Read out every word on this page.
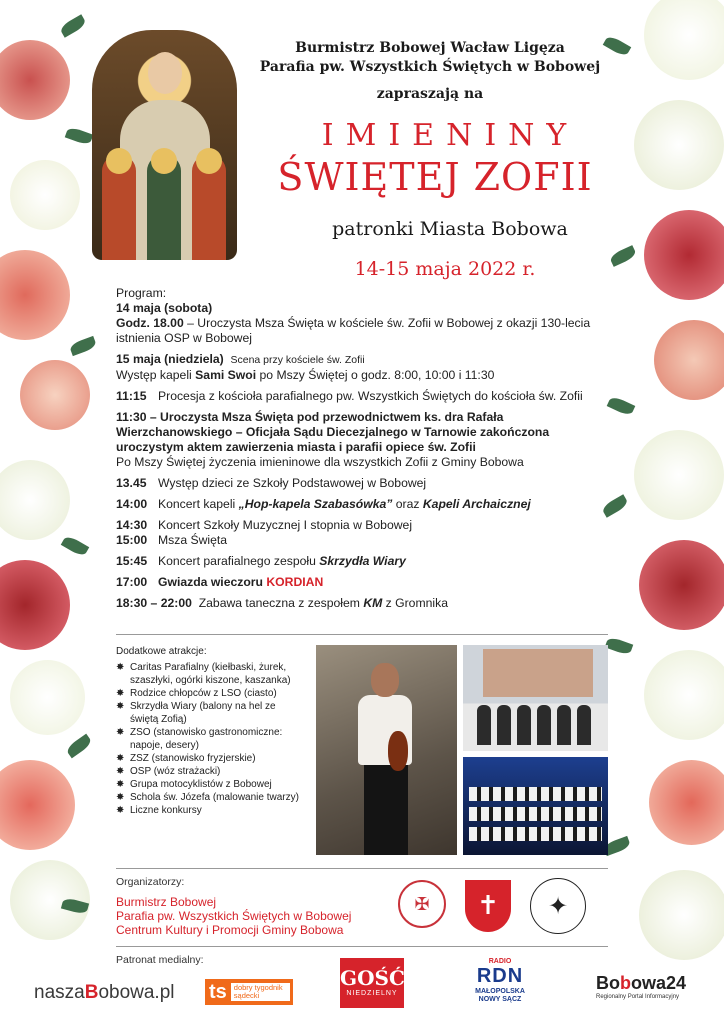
Burmistrz Bobowej Wacław Ligęza
Parafia pw. Wszystkich Świętych w Bobowej
zapraszają na
IMIENINY
ŚWIĘTEJ ZOFII
patronki Miasta Bobowa
14-15 maja 2022 r.
Program:
14 maja (sobota)
Godz. 18.00 – Uroczysta Msza Święta w kościele św. Zofii w Bobowej z okazji 130-lecia istnienia OSP w Bobowej
15 maja (niedziela) Scena przy kościele św. Zofii
Występ kapeli Sami Swoi po Mszy Świętej o godz. 8:00, 10:00 i 11:30
11:15 Procesja z kościoła parafialnego pw. Wszystkich Świętych do kościoła św. Zofii
11:30 – Uroczysta Msza Święta pod przewodnictwem ks. dra Rafała Wierzchanowskiego – Oficjała Sądu Diecezjalnego w Tarnowie zakończona uroczystym aktem zawierzenia miasta i parafii opiece św. Zofii
Po Mszy Świętej życzenia imieninowe dla wszystkich Zofii z Gminy Bobowa
13.45 Występ dzieci ze Szkoły Podstawowej w Bobowej
14:00 Koncert kapeli „Hop-kapela Szabasówka” oraz Kapeli Archaicznej
14:30 Koncert Szkoły Muzycznej I stopnia w Bobowej
15:00 Msza Święta
15:45 Koncert parafialnego zespołu Skrzydła Wiary
17:00 Gwiazda wieczoru KORDIAN
18:30 – 22:00 Zabawa taneczna z zespołem KM z Gromnika
Dodatkowe atrakcje:
✸ Caritas Parafialny (kiełbaski, żurek, szaszłyki, ogórki kiszone, kaszanka)
✸ Rodzice chłopców z LSO (ciasto)
✸ Skrzydła Wiary (balony na hel ze świętą Zofią)
✸ ZSO (stanowisko gastronomiczne: napoje, desery)
✸ ZSZ (stanowisko fryzjerskie)
✸ OSP (wóz strażacki)
✸ Grupa motocyklistów z Bobowej
✸ Schola św. Józefa (malowanie twarzy)
✸ Liczne konkursy
Organizatorzy:
Burmistrz Bobowej
Parafia pw. Wszystkich Świętych w Bobowej
Centrum Kultury i Promocji Gminy Bobowa
✠	✝	✦
Patronat medialny:
naszaBobowa.pl ts dobry tygodnik sądecki
GOŚĆ
NIEDZIELNY
RADIO
RDN
MAŁOPOLSKA NOWY SĄCZ
Bobowa24
Regionalny Portal Informacyjny
